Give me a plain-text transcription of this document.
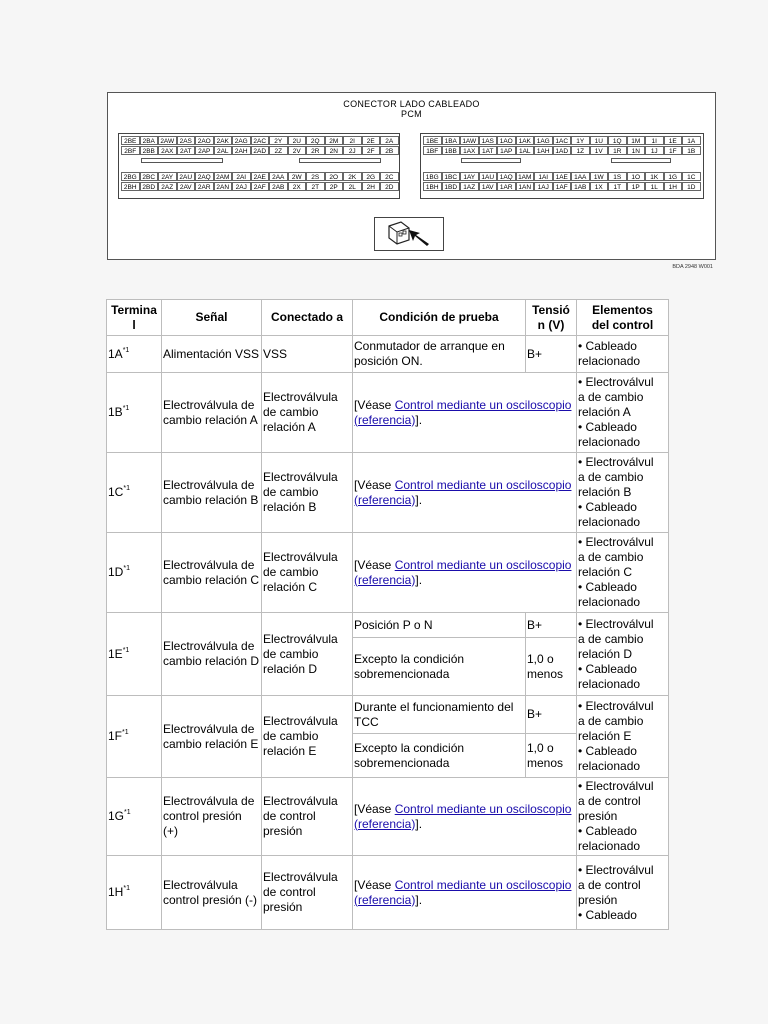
CONECTOR LADO CABLEADO
PCM
2BE 2BA 2AW 2AS 2AO 2AK 2AG 2AC	2Y	2U	2Q	2M	2I	2E	2A
2BF 2BB 2AX	2AT	2AP	2AL 2AH 2AD	2Z	2V	2R	2N	2J	2F	2B
2BG 2BC 2AY 2AU 2AQ 2AM	2AI	2AE 2AA	2W	2S	2O	2K	2G	2C
2BH 2BD 2AZ	2AV 2AR 2AN	2AJ	2AF 2AB	2X	2T	2P	2L	2H	2D
1BE 1BA 1AW 1AS 1AO 1AK 1AG 1AC	1Y	1U	1Q	1M	1I	1E	1A
1BF 1BB 1AX	1AT	1AP	1AL 1AH 1AD	1Z	1V	1R	1N	1J	1F	1B
1BG 1BC 1AY 1AU 1AQ 1AM	1AI	1AE 1AA	1W	1S	1O	1K	1G	1C
1BH 1BD 1AZ	1AV 1AR 1AN	1AJ	1AF 1AB	1X	1T	1P	1L	1H	1D
BDA 2948 W001
Termina
l	Señal	Conectado a	Condición de prueba	Tensió
n (V)	Elementos
del control
$1A^{*1}$	Alimentación VSS	VSS	Conmutador de arranque en posición ON.	B+	• Cableado relacionado
$1B^{*1}$	Electroválvula de cambio relación A	Electroválvula de cambio relación A	[Véase Control mediante un osciloscopio (referencia)].		• Electroválvul
a de cambio
relación A
• Cableado
relacionado
$1C^{*1}$	Electroválvula de cambio relación B	Electroválvula de cambio relación B	[Véase Control mediante un osciloscopio (referencia)].		• Electroválvul
a de cambio
relación B
• Cableado
relacionado
$1D^{*1}$	Electroválvula de cambio relación C	Electroválvula de cambio relación C	[Véase Control mediante un osciloscopio (referencia)].		• Electroválvul
a de cambio
relación C
• Cableado
relacionado
$1E^{*1}$	Electroválvula de cambio relación D	Electroválvula de cambio relación D	Posición P o N	B+	• Electroválvul
a de cambio
relación D
• Cableado
relacionado
			Excepto la condición sobremencionada	1,0 o menos	
$1F^{*1}$	Electroválvula de cambio relación E	Electroválvula de cambio relación E	Durante el funcionamiento del TCC	B+	• Electroválvul
a de cambio
relación E
• Cableado
relacionado
			Excepto la condición sobremencionada	1,0 o menos	
$1G^{*1}$	Electroválvula de control presión (+)	Electroválvula de control presión	[Véase Control mediante un osciloscopio (referencia)].		• Electroválvul
a de control
presión
• Cableado
relacionado
$1H^{*1}$	Electroválvula control presión (-)	Electroválvula de control presión	[Véase Control mediante un osciloscopio (referencia)].		• Electroválvul
a de control
presión
• Cableado
